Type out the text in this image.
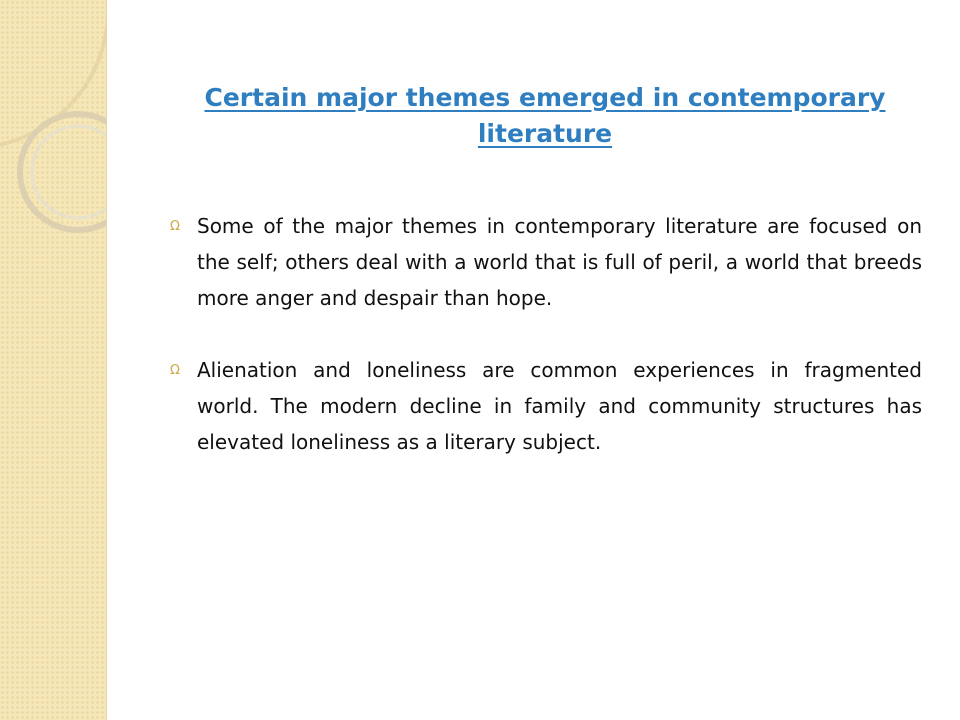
Certain major themes emerged in contemporary
literature
Ω Some of the major themes in contemporary literature are focused on the self; others deal with a world that is full of peril, a world that breeds more anger and despair than hope.
Ω Alienation and loneliness are common experiences in fragmented world. The modern decline in family and community structures has elevated loneliness as a literary subject.
